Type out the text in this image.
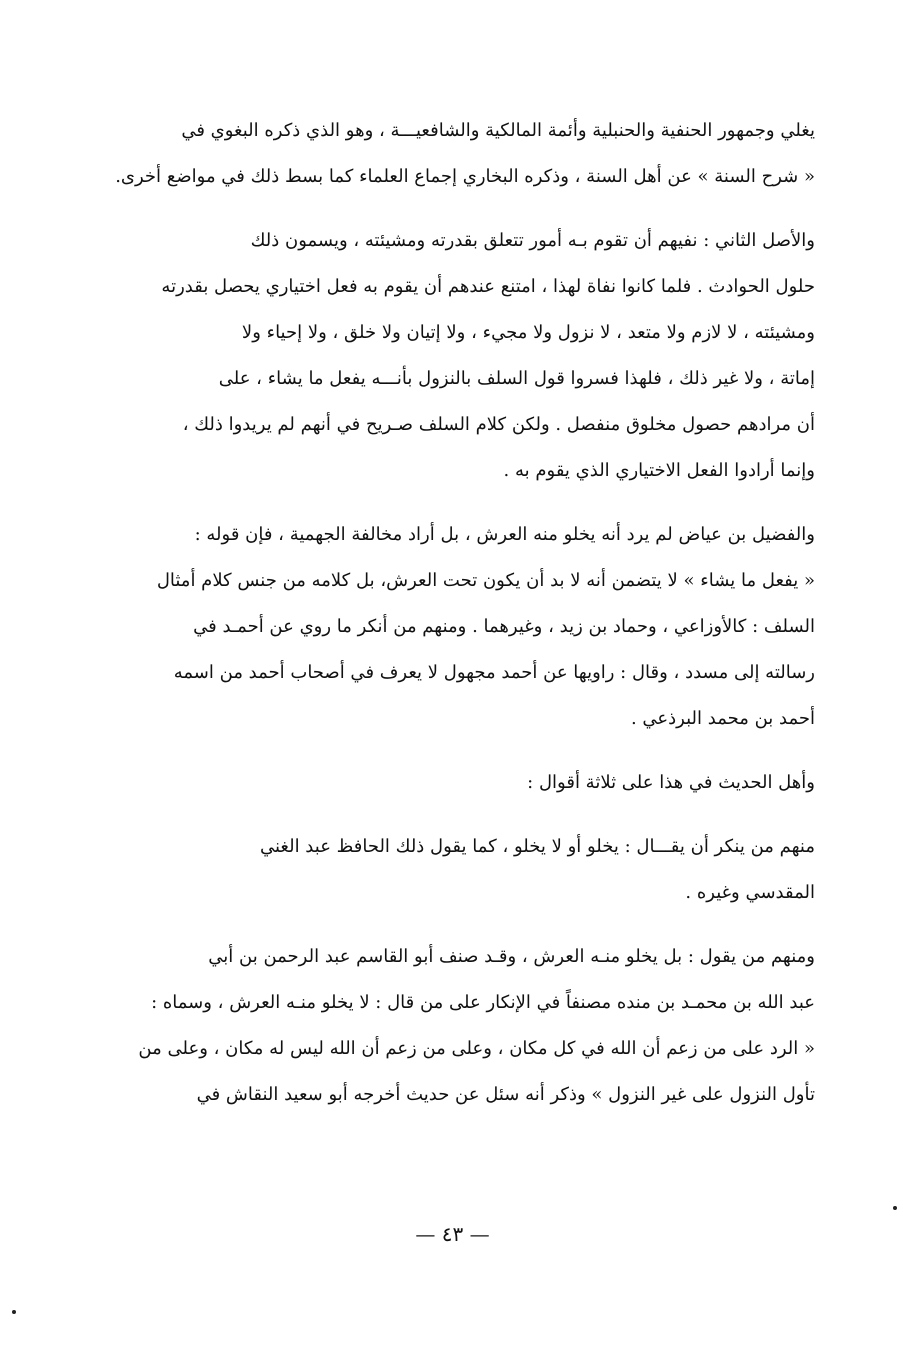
يغلي وجمهور الحنفية والحنبلية وأئمة المالكية والشافعيـــة ، وهو الذي ذكره البغوي في
« شرح السنة » عن أهل السنة ، وذكره البخاري إجماع العلماء كما بسط ذلك في مواضع أخرى.

والأصل الثاني : نفيهم أن تقوم بـه أمور تتعلق بقدرته ومشيئته ، ويسمون ذلك
حلول الحوادث . فلما كانوا نفاة لهذا ، امتنع عندهم أن يقوم به فعل اختياري يحصل بقدرته
ومشيئته ، لا لازم ولا متعد ، لا نزول ولا مجيء ، ولا إتيان ولا خلق ، ولا إحياء ولا
إماتة ، ولا غير ذلك ، فلهذا فسروا قول السلف بالنزول بأنـــه يفعل ما يشاء ، على
أن مرادهم حصول مخلوق منفصل . ولكن كلام السلف صـريح في أنهم لم يريدوا ذلك ،
وإنما أرادوا الفعل الاختياري الذي يقوم به .

والفضيل بن عياض لم يرد أنه يخلو منه العرش ، بل أراد مخالفة الجهمية ، فإن قوله :
« يفعل ما يشاء » لا يتضمن أنه لا بد أن يكون تحت العرش، بل كلامه من جنس كلام أمثال
السلف : كالأوزاعي ، وحماد بن زيد ، وغيرهما . ومنهم من أنكر ما روي عن أحمـد في
رسالته إلى مسدد ، وقال : راويها عن أحمد مجهول لا يعرف في أصحاب أحمد من اسمه
أحمد بن محمد البرذعي .

وأهل الحديث في هذا على ثلاثة أقوال :

منهم من ينكر أن يقـــال : يخلو أو لا يخلو ، كما يقول ذلك الحافظ عبد الغني
المقدسي وغيره .

ومنهم من يقول : بل يخلو منـه العرش ، وقـد صنف أبو القاسم عبد الرحمن بن أبي
عبد الله بن محمـد بن منده مصنفاً في الإنكار على من قال : لا يخلو منـه العرش ، وسماه :
« الرد على من زعم أن الله في كل مكان ، وعلى من زعم أن الله ليس له مكان ، وعلى من
تأول النزول على غير النزول » وذكر أنه سئل عن حديث أخرجه أبو سعيد النقاش في

— ٤٣ —
